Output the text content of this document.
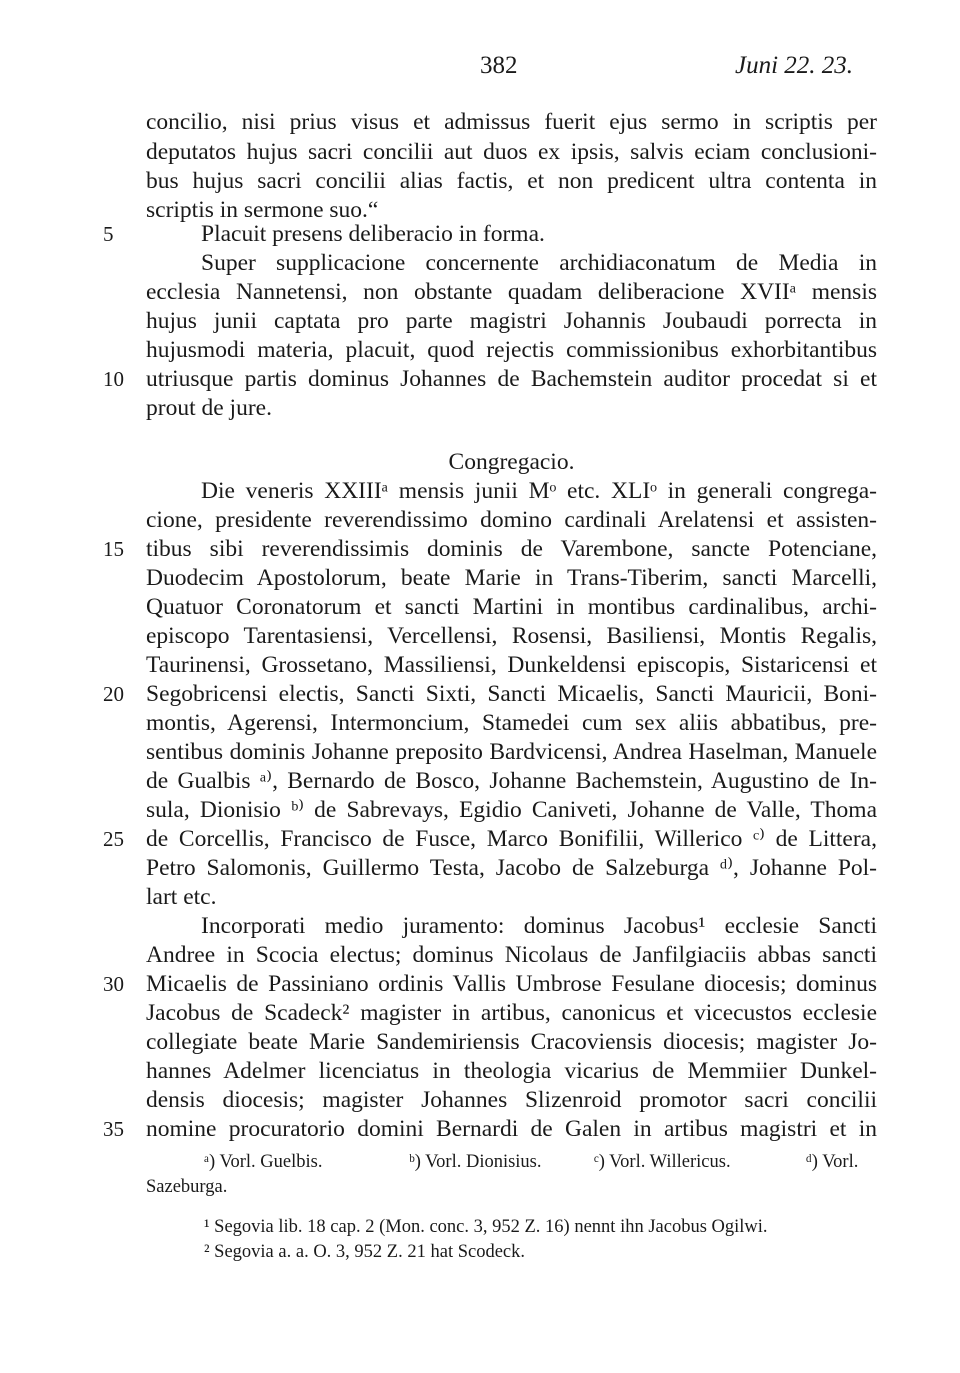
382	Juni 22. 23.
concilio, nisi prius visus et admissus fuerit ejus sermo in scriptis per
deputatos hujus sacri concilii aut duos ex ipsis, salvis eciam conclusioni-
bus hujus sacri concilii alias factis, et non predicent ultra contenta in
scriptis in sermone suo.“
Placuit presens deliberacio in forma.
Super supplicacione concernente archidiaconatum de Media in
ecclesia Nannetensi, non obstante quadam deliberacione XVIIᵃ mensis
hujus junii captata pro parte magistri Johannis Joubaudi porrecta in
hujusmodi materia, placuit, quod rejectis commissionibus exhorbitantibus
utriusque partis dominus Johannes de Bachemstein auditor procedat si et
prout de jure.
Congregacio.
Die veneris XXIIIᵃ mensis junii Mᵒ etc. XLIᵒ in generali congrega-
cione, presidente reverendissimo domino cardinali Arelatensi et assisten-
tibus sibi reverendissimis dominis de Varembone, sancte Potenciane,
Duodecim Apostolorum, beate Marie in Trans-Tiberim, sancti Marcelli,
Quatuor Coronatorum et sancti Martini in montibus cardinalibus, archi-
episcopo Tarentasiensi, Vercellensi, Rosensi, Basiliensi, Montis Regalis,
Taurinensi, Grossetano, Massiliensi, Dunkeldensi episcopis, Sistaricensi et
Segobricensi electis, Sancti Sixti, Sancti Micaelis, Sancti Mauricii, Boni-
montis, Agerensi, Intermoncium, Stamedei cum sex aliis abbatibus, pre-
sentibus dominis Johanne preposito Bardvicensi, Andrea Haselman, Manuele
de Gualbis ᵃ⁾, Bernardo de Bosco, Johanne Bachemstein, Augustino de In-
sula, Dionisio ᵇ⁾ de Sabrevays, Egidio Caniveti, Johanne de Valle, Thoma
de Corcellis, Francisco de Fusce, Marco Bonifilii, Willerico ᶜ⁾ de Littera,
Petro Salomonis, Guillermo Testa, Jacobo de Salzeburga ᵈ⁾, Johanne Pol-
lart etc.
Incorporati medio juramento: dominus Jacobus¹ ecclesie Sancti
Andree in Scocia electus; dominus Nicolaus de Janfilgiaciis abbas sancti
Micaelis de Passiniano ordinis Vallis Umbrose Fesulane diocesis; dominus
Jacobus de Scadeck² magister in artibus, canonicus et vicecustos ecclesie
collegiate beate Marie Sandemiriensis Cracoviensis diocesis; magister Jo-
hannes Adelmer licenciatus in theologia vicarius de Memmiier Dunkel-
densis diocesis; magister Johannes Slizenroid promotor sacri concilii
nomine procuratorio domini Bernardi de Galen in artibus magistri et in
5
10
15
20
25
30
35
ᵃ) Vorl. Guelbis.	ᵇ) Vorl. Dionisius.	ᶜ) Vorl. Willericus.	ᵈ) Vorl.
Sazeburga.
¹ Segovia lib. 18 cap. 2 (Mon. conc. 3, 952 Z. 16) nennt ihn Jacobus Ogilwi.
² Segovia a. a. O. 3, 952 Z. 21 hat Scodeck.
